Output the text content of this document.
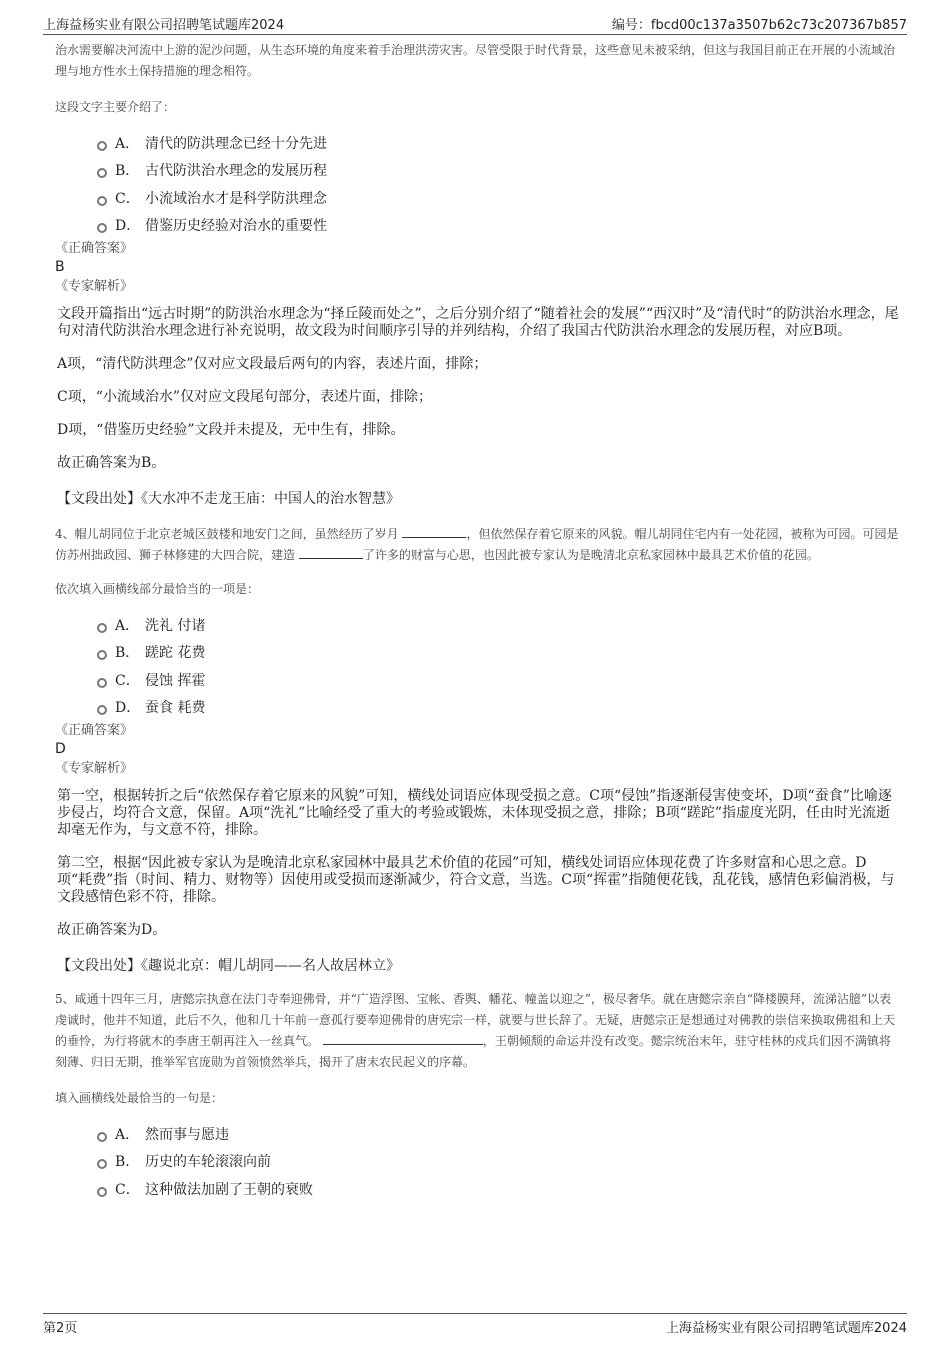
上海益杨实业有限公司招聘笔试题库2024	编号：fbcd00c137a3507b62c73c207367b857

治水需要解决河流中上游的泥沙问题，从生态环境的角度来着手治理洪涝灾害。尽管受限于时代背景，这些意见未被采纳，但这与我国目前正在开展的小流域治理与地方性水土保持措施的理念相符。

这段文字主要介绍了：

A． 清代的防洪理念已经十分先进
B． 古代防洪治水理念的发展历程
C． 小流域治水才是科学防洪理念
D． 借鉴历史经验对治水的重要性

《正确答案》

B

《专家解析》

文段开篇指出“远古时期”的防洪治水理念为“择丘陵而处之”，之后分别介绍了“随着社会的发展”“西汉时”及“清代时”的防洪治水理念，尾句对清代防洪治水理念进行补充说明，故文段为时间顺序引导的并列结构，介绍了我国古代防洪治水理念的发展历程，对应B项。

A项，“清代防洪理念”仅对应文段最后两句的内容，表述片面，排除；

C项，“小流域治水”仅对应文段尾句部分，表述片面，排除；

D项，“借鉴历史经验”文段并未提及，无中生有，排除。

故正确答案为B。

【文段出处】《大水冲不走龙王庙：中国人的治水智慧》

4、帽儿胡同位于北京老城区鼓楼和地安门之间，虽然经历了岁月	，但依然保存着它原来的风貌。帽儿胡同住宅内有一处花园，被称为可园。可园是仿苏州拙政园、狮子林修建的大四合院，建造	了许多的财富与心思，也因此被专家认为是晚清北京私家园林中最具艺术价值的花园。

依次填入画横线部分最恰当的一项是：

A． 洗礼 付诸
B． 蹉跎 花费
C． 侵蚀 挥霍
D． 蚕食 耗费

《正确答案》

D

《专家解析》

第一空，根据转折之后“依然保存着它原来的风貌”可知，横线处词语应体现受损之意。C项“侵蚀”指逐渐侵害使变坏，D项“蚕食”比喻逐步侵占，均符合文意，保留。A项“洗礼”比喻经受了重大的考验或锻炼，未体现受损之意，排除；B项“蹉跎”指虚度光阴，任由时光流逝却毫无作为，与文意不符，排除。

第二空，根据“因此被专家认为是晚清北京私家园林中最具艺术价值的花园”可知，横线处词语应体现花费了许多财富和心思之意。D项“耗费”指（时间、精力、财物等）因使用或受损而逐渐减少，符合文意，当选。C项“挥霍”指随便花钱，乱花钱，感情色彩偏消极，与文段感情色彩不符，排除。

故正确答案为D。

【文段出处】《趣说北京：帽儿胡同——名人故居林立》

5、咸通十四年三月，唐懿宗执意在法门寺奉迎佛骨，并“广造浮图、宝帐、香舆、幡花、幢盖以迎之”，极尽奢华。就在唐懿宗亲自“降楼膜拜，流涕沾臆”以表虔诚时，他并不知道，此后不久，他和几十年前一意孤行要奉迎佛骨的唐宪宗一样，就要与世长辞了。无疑，唐懿宗正是想通过对佛教的崇信来换取佛祖和上天的垂怜，为行将就木的李唐王朝再注入一丝真气。	，王朝倾颓的命运并没有改变。懿宗统治末年，驻守桂林的戍兵们因不满镇将刻薄、归日无期，推举军官庞勋为首领愤然举兵，揭开了唐末农民起义的序幕。

填入画横线处最恰当的一句是：

A． 然而事与愿违
B． 历史的车轮滚滚向前
C． 这种做法加剧了王朝的衰败
第2页	上海益杨实业有限公司招聘笔试题库2024
